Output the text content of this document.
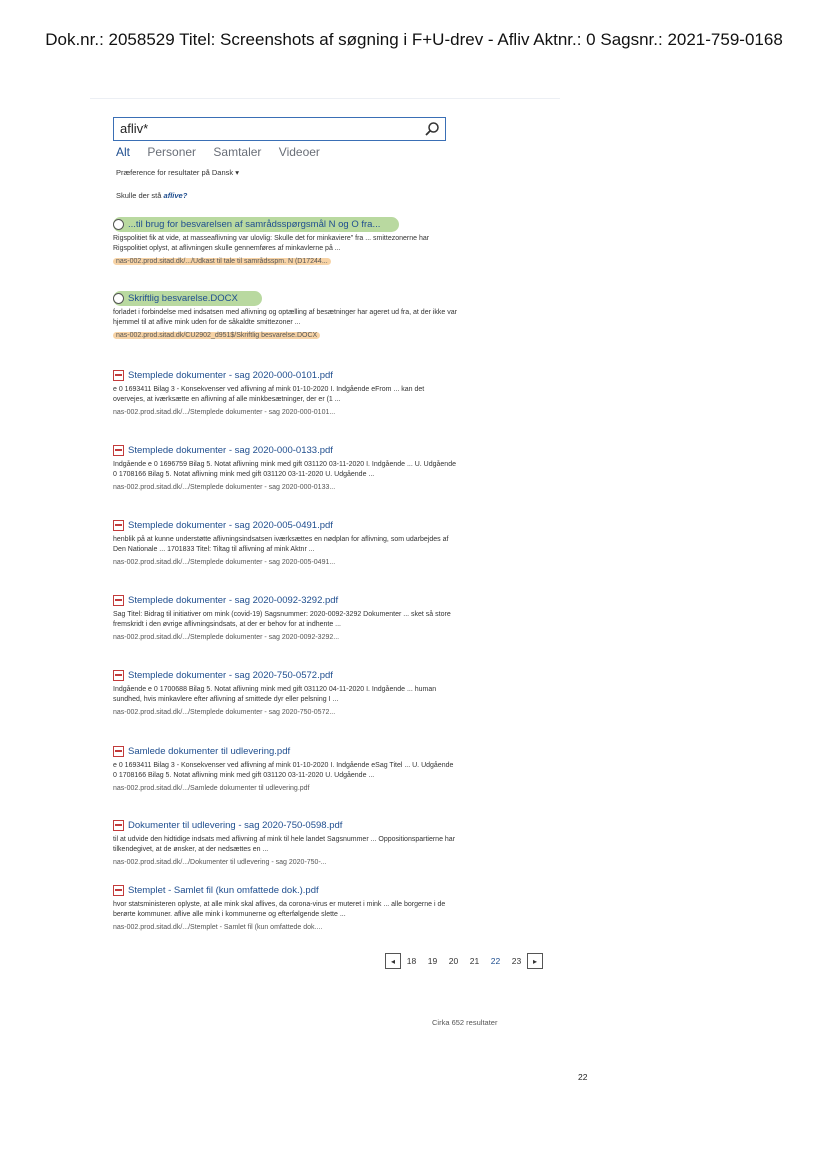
Dok.nr.: 2058529 Titel: Screenshots af søgning i F+U-drev - Afliv Aktnr.: 0 Sagsnr.: 2021-759-0168
afliv*
Alt Personer Samtaler Videoer
Præference for resultater på Dansk ▾
Skulle der stå aflive?
...til brug for besvarelsen af samrådsspørgsmål N og O fra...
Rigspolitiet fik at vide, at masseaflivning var ulovlig: Skulle det for minkaviere" fra ... smittezonerne har Rigspolitiet oplyst, at aflivningen skulle gennemføres af minkavlerne på ...
nas-002.prod.sitad.dk/.../Udkast til tale til samrådsspm. N (D17244...
Skriftlig besvarelse.DOCX
forladet i forbindelse med indsatsen med aflivning og optælling af besætninger har ageret ud fra, at der ikke var hjemmel til at aflive mink uden for de såkaldte smittezoner ...
nas-002.prod.sitad.dk/CU2902_d951$/Skriftlig besvarelse.DOCX
Stemplede dokumenter - sag 2020-000-0101.pdf
e 0 1693411 Bilag 3 - Konsekvenser ved aflivning af mink 01-10-2020 I. Indgående eFrom ... kan det overvejes, at iværksætte en aflivning af alle minkbesætninger, der er (1 ...
nas-002.prod.sitad.dk/.../Stemplede dokumenter - sag 2020-000-0101...
Stemplede dokumenter - sag 2020-000-0133.pdf
Indgående e 0 1696759 Bilag 5. Notat aflivning mink med gift 031120 03-11-2020 I. Indgående ... U. Udgående 0 1708166 Bilag 5. Notat aflivning mink med gift 031120 03-11-2020 U. Udgående ...
nas-002.prod.sitad.dk/.../Stemplede dokumenter - sag 2020-000-0133...
Stemplede dokumenter - sag 2020-005-0491.pdf
henblik på at kunne understøtte aflivningsindsatsen iværksættes en nødplan for aflivning, som udarbejdes af Den Nationale ... 1701833 Titel: Tiltag til aflivning af mink Aktnr ...
nas-002.prod.sitad.dk/.../Stemplede dokumenter - sag 2020-005-0491...
Stemplede dokumenter - sag 2020-0092-3292.pdf
Sag Titel: Bidrag til initiativer om mink (covid-19) Sagsnummer: 2020-0092-3292 Dokumenter ... sket så store fremskridt i den øvrige aflivningsindsats, at der er behov for at indhente ...
nas-002.prod.sitad.dk/.../Stemplede dokumenter - sag 2020-0092-3292...
Stemplede dokumenter - sag 2020-750-0572.pdf
Indgående e 0 1700688 Bilag 5. Notat aflivning mink med gift 031120 04-11-2020 I. Indgående ... human sundhed, hvis minkavlere efter aflivning af smittede dyr eller pelsning I ...
nas-002.prod.sitad.dk/.../Stemplede dokumenter - sag 2020-750-0572...
Samlede dokumenter til udlevering.pdf
e 0 1693411 Bilag 3 - Konsekvenser ved aflivning af mink 01-10-2020 I. Indgående eSag Titel ... U. Udgående 0 1708166 Bilag 5. Notat aflivning mink med gift 031120 03-11-2020 U. Udgående ...
nas-002.prod.sitad.dk/.../Samlede dokumenter til udlevering.pdf
Dokumenter til udlevering - sag 2020-750-0598.pdf
til at udvide den hidtidige indsats med aflivning af mink til hele landet Sagsnummer ... Oppositionspartierne har tilkendegivet, at de ønsker, at der nedsættes en ...
nas-002.prod.sitad.dk/.../Dokumenter til udlevering - sag 2020-750-...
Stemplet - Samlet fil (kun omfattede dok.).pdf
hvor statsministeren oplyste, at alle mink skal aflives, da corona-virus er muteret i mink ... alle borgerne i de berørte kommuner. aflive alle mink i kommunerne og efterfølgende slette ...
nas-002.prod.sitad.dk/.../Stemplet - Samlet fil (kun omfattede dok....
◂	18	19	20	21	22	23	▸
Cirka 652 resultater
22
